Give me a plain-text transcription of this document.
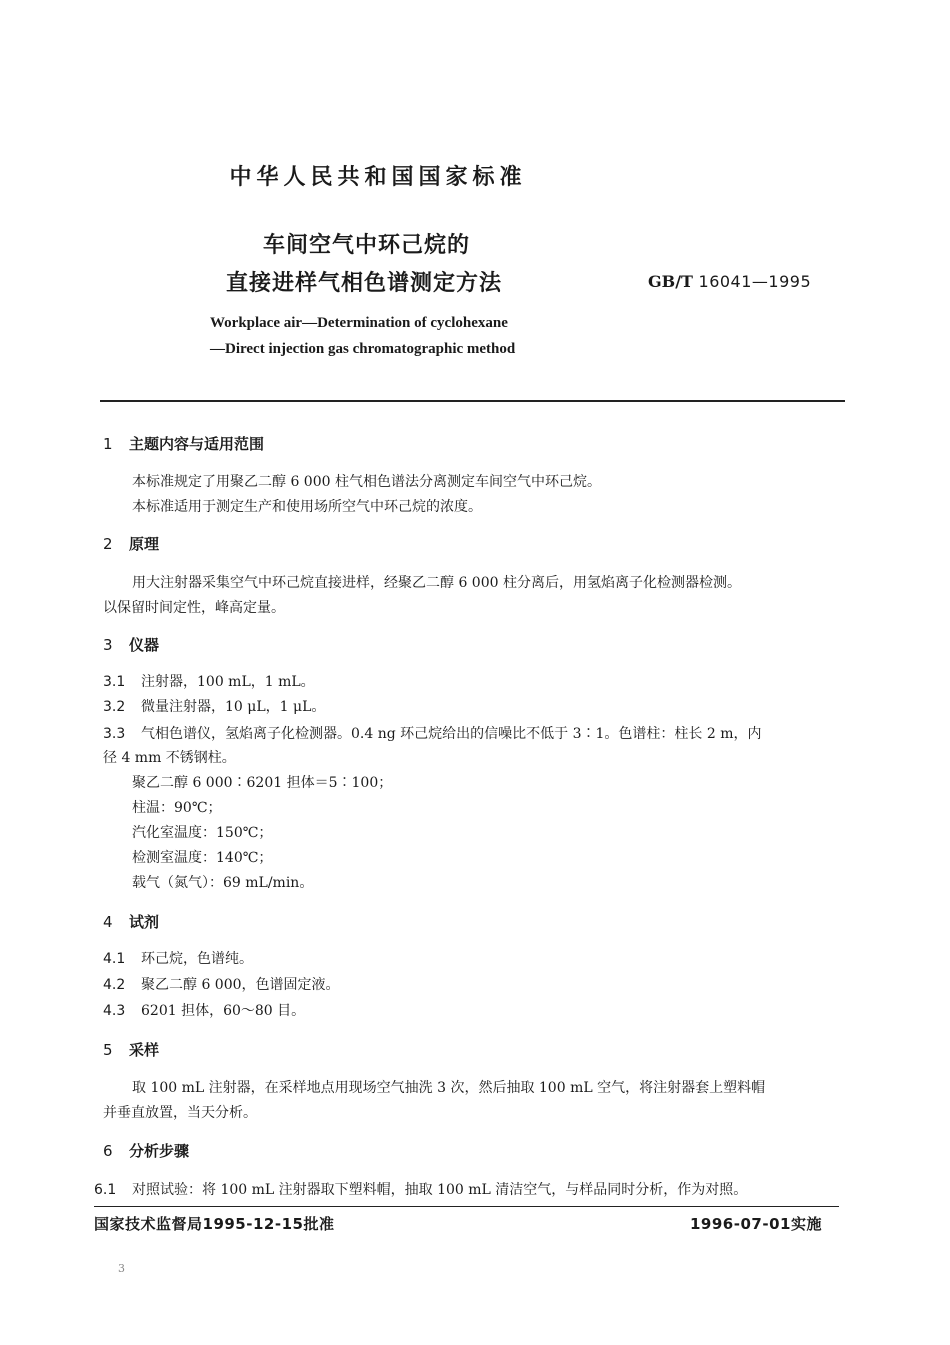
中华人民共和国国家标准
车间空气中环己烷的
直接进样气相色谱测定方法	GB/T 16041—1995
Workplace air—Determination of cyclohexane
—Direct injection gas chromatographic method
1 主题内容与适用范围
本标准规定了用聚乙二醇 6 000 柱气相色谱法分离测定车间空气中环己烷。
本标准适用于测定生产和使用场所空气中环己烷的浓度。
2 原理
用大注射器采集空气中环己烷直接进样，经聚乙二醇 6 000 柱分离后，用氢焰离子化检测器检测。
以保留时间定性，峰高定量。
3 仪器
3.1 注射器，100 mL，1 mL。
3.2 微量注射器，10 μL，1 μL。
3.3 气相色谱仪，氢焰离子化检测器。0.4 ng 环己烷给出的信噪比不低于 3∶1。色谱柱：柱长 2 m，内
径 4 mm 不锈钢柱。
聚乙二醇 6 000∶6201 担体＝5∶100；
柱温：90℃；
汽化室温度：150℃；
检测室温度：140℃；
载气（氮气）：69 mL/min。
4 试剂
4.1 环己烷，色谱纯。
4.2 聚乙二醇 6 000，色谱固定液。
4.3 6201 担体，60～80 目。
5 采样
取 100 mL 注射器，在采样地点用现场空气抽洗 3 次，然后抽取 100 mL 空气，将注射器套上塑料帽
并垂直放置，当天分析。
6 分析步骤
6.1 对照试验：将 100 mL 注射器取下塑料帽，抽取 100 mL 清洁空气，与样品同时分析，作为对照。
国家技术监督局1995-12-15批准	1996-07-01实施
3
